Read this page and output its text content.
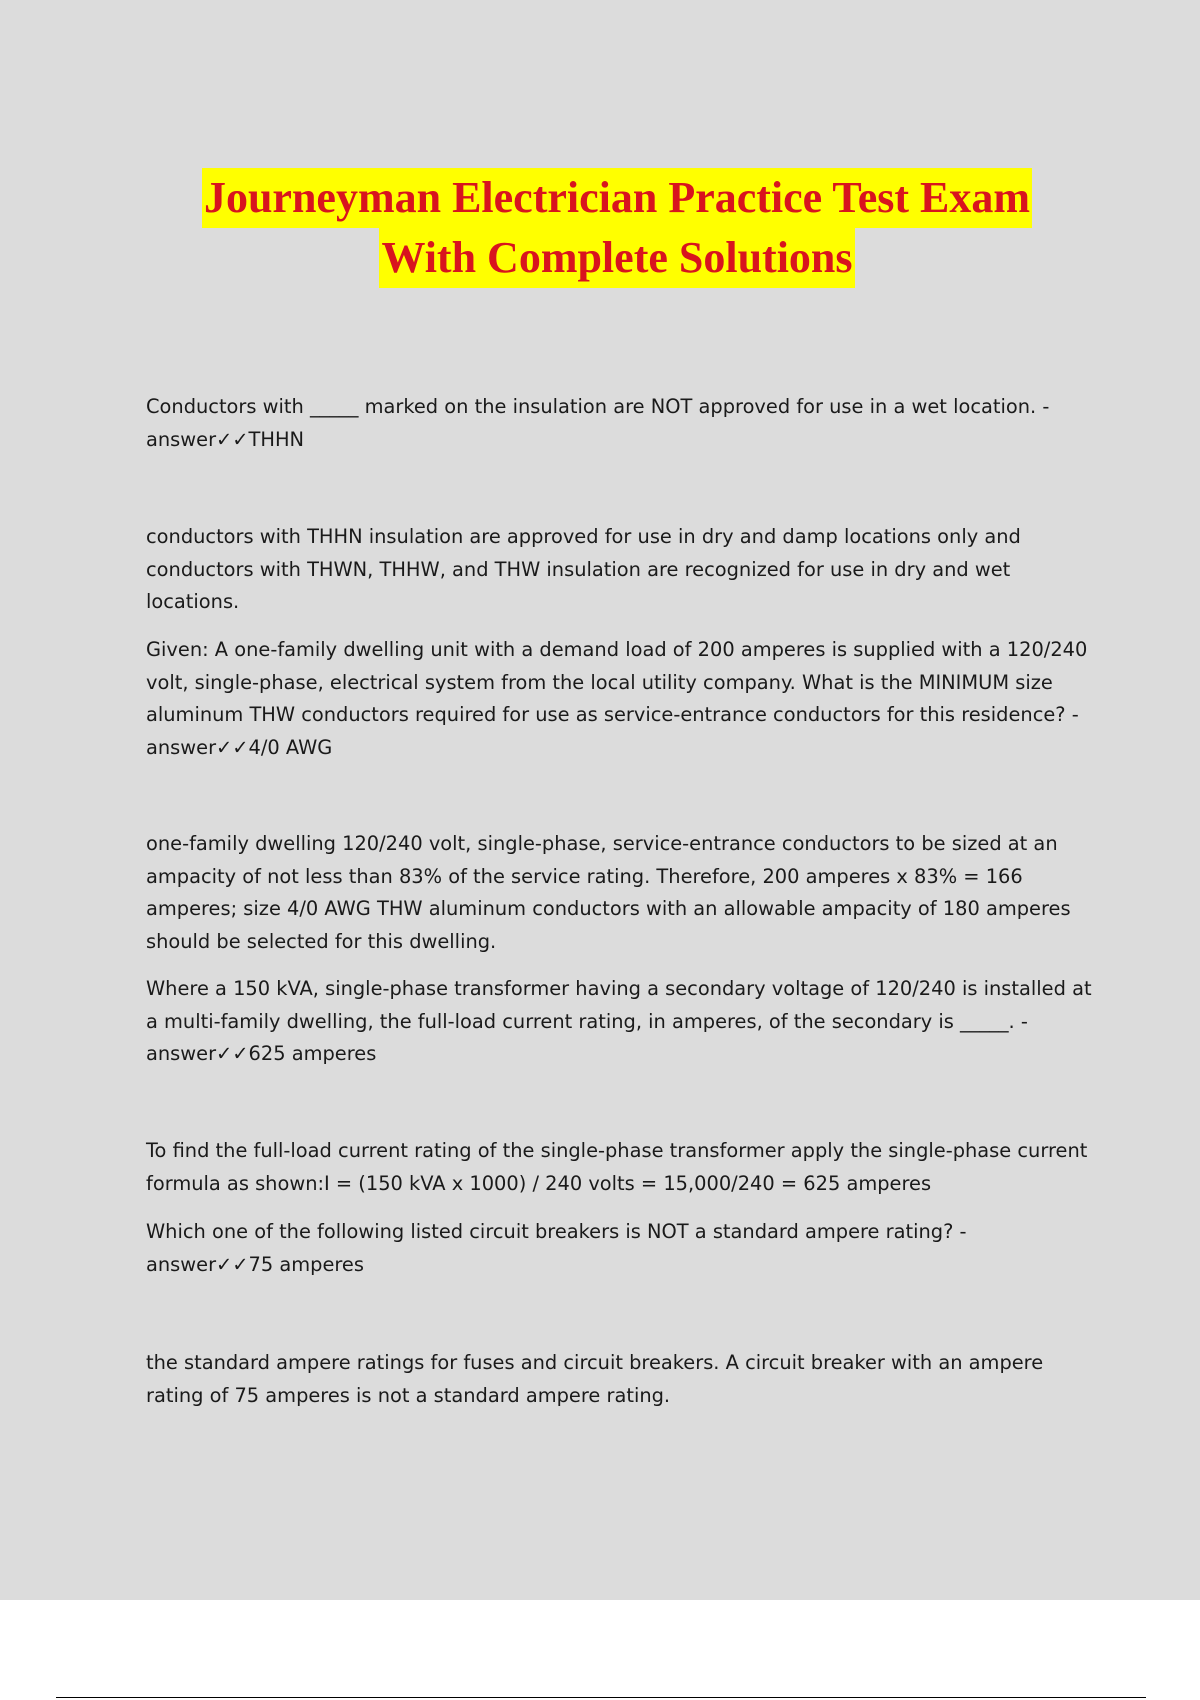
Journeyman Electrician Practice Test Exam
With Complete Solutions

Conductors with _____ marked on the insulation are NOT approved for use in a wet location. - answer✓✓THHN

conductors with THHN insulation are approved for use in dry and damp locations only and conductors with THWN, THHW, and THW insulation are recognized for use in dry and wet locations.

Given: A one-family dwelling unit with a demand load of 200 amperes is supplied with a 120/240 volt, single-phase, electrical system from the local utility company. What is the MINIMUM size aluminum THW conductors required for use as service-entrance conductors for this residence? - answer✓✓4/0 AWG

one-family dwelling 120/240 volt, single-phase, service-entrance conductors to be sized at an ampacity of not less than 83% of the service rating. Therefore, 200 amperes x 83% = 166 amperes; size 4/0 AWG THW aluminum conductors with an allowable ampacity of 180 amperes should be selected for this dwelling.

Where a 150 kVA, single-phase transformer having a secondary voltage of 120/240 is installed at a multi-family dwelling, the full-load current rating, in amperes, of the secondary is _____. - answer✓✓625 amperes

To find the full-load current rating of the single-phase transformer apply the single-phase current formula as shown:I = (150 kVA x 1000) / 240 volts = 15,000/240 = 625 amperes

Which one of the following listed circuit breakers is NOT a standard ampere rating? - answer✓✓75 amperes

the standard ampere ratings for fuses and circuit breakers. A circuit breaker with an ampere rating of 75 amperes is not a standard ampere rating.
